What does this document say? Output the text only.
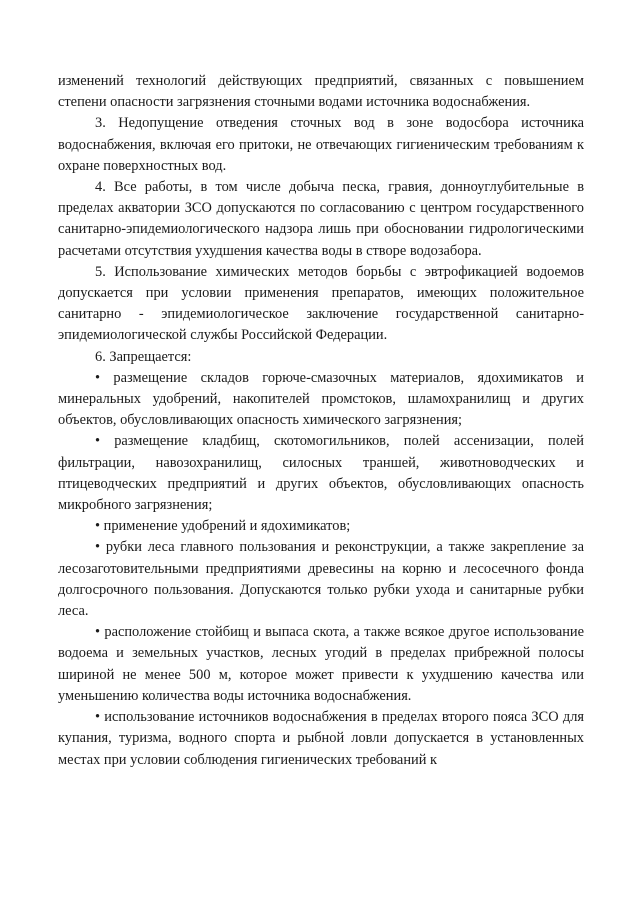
изменений технологий действующих предприятий, связанных с повышением степени опасности загрязнения сточными водами источника водоснабжения.

3. Недопущение отведения сточных вод в зоне водосбора источника водоснабжения, включая его притоки, не отвечающих гигиеническим требованиям к охране поверхностных вод.

4. Все работы, в том числе добыча песка, гравия, донноуглубительные в пределах акватории ЗСО допускаются по согласованию с центром государственного санитарно-эпидемиологического надзора лишь при обосновании гидрологическими расчетами отсутствия ухудшения качества воды в створе водозабора.

5. Использование химических методов борьбы с эвтрофикацией водоемов допускается при условии применения препаратов, имеющих положительное санитарно - эпидемиологическое заключение государственной санитарно-эпидемиологической службы Российской Федерации.

6. Запрещается:

• размещение складов горюче-смазочных материалов, ядохимикатов и минеральных удобрений, накопителей промстоков, шламохранилищ и других объектов, обусловливающих опасность химического загрязнения;

• размещение кладбищ, скотомогильников, полей ассенизации, полей фильтрации, навозохранилищ, силосных траншей, животноводческих и птицеводческих предприятий и других объектов, обусловливающих опасность микробного загрязнения;

• применение удобрений и ядохимикатов;

• рубки леса главного пользования и реконструкции, а также закрепление за лесозаготовительными предприятиями древесины на корню и лесосечного фонда долгосрочного пользования. Допускаются только рубки ухода и санитарные рубки леса.

• расположение стойбищ и выпаса скота, а также всякое другое использование водоема и земельных участков, лесных угодий в пределах прибрежной полосы шириной не менее 500 м, которое может привести к ухудшению качества или уменьшению количества воды источника водоснабжения.

• использование источников водоснабжения в пределах второго пояса ЗСО для купания, туризма, водного спорта и рыбной ловли допускается в установленных местах при условии соблюдения гигиенических требований к
